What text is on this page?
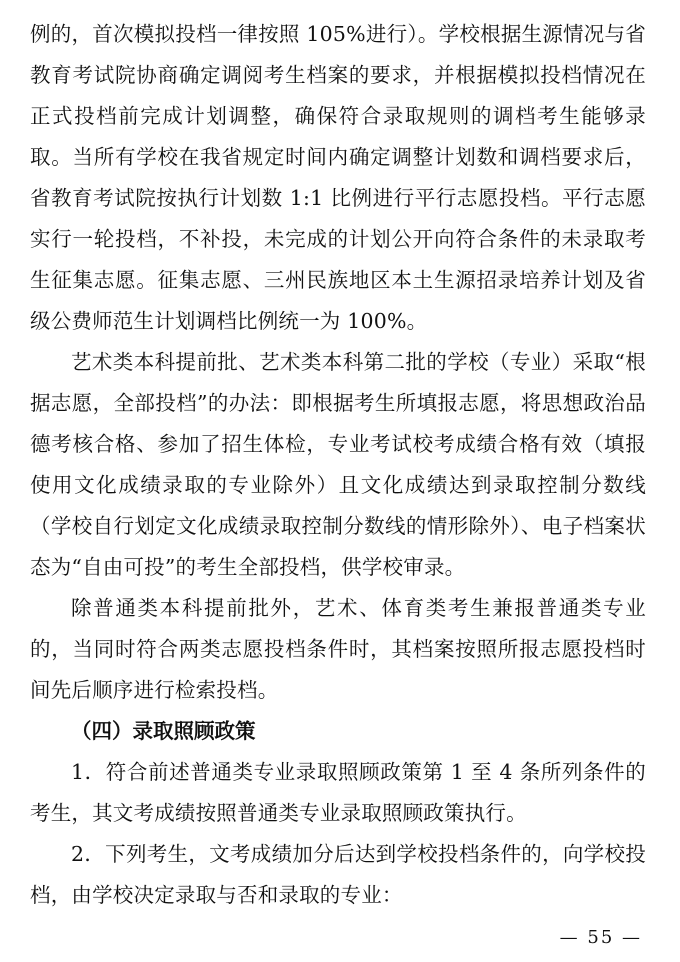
例的，首次模拟投档一律按照 105%进行）。学校根据生源情况与省教育考试院协商确定调阅考生档案的要求，并根据模拟投档情况在正式投档前完成计划调整，确保符合录取规则的调档考生能够录取。当所有学校在我省规定时间内确定调整计划数和调档要求后，省教育考试院按执行计划数 1:1 比例进行平行志愿投档。平行志愿实行一轮投档，不补投，未完成的计划公开向符合条件的未录取考生征集志愿。征集志愿、三州民族地区本土生源招录培养计划及省级公费师范生计划调档比例统一为 100%。

艺术类本科提前批、艺术类本科第二批的学校（专业）采取“根据志愿，全部投档”的办法：即根据考生所填报志愿，将思想政治品德考核合格、参加了招生体检，专业考试校考成绩合格有效（填报使用文化成绩录取的专业除外）且文化成绩达到录取控制分数线（学校自行划定文化成绩录取控制分数线的情形除外）、电子档案状态为“自由可投”的考生全部投档，供学校审录。

除普通类本科提前批外，艺术、体育类考生兼报普通类专业的，当同时符合两类志愿投档条件时，其档案按照所报志愿投档时间先后顺序进行检索投档。

（四）录取照顾政策

1．符合前述普通类专业录取照顾政策第 1 至 4 条所列条件的考生，其文考成绩按照普通类专业录取照顾政策执行。

2．下列考生，文考成绩加分后达到学校投档条件的，向学校投档，由学校决定录取与否和录取的专业：

— 55 —
